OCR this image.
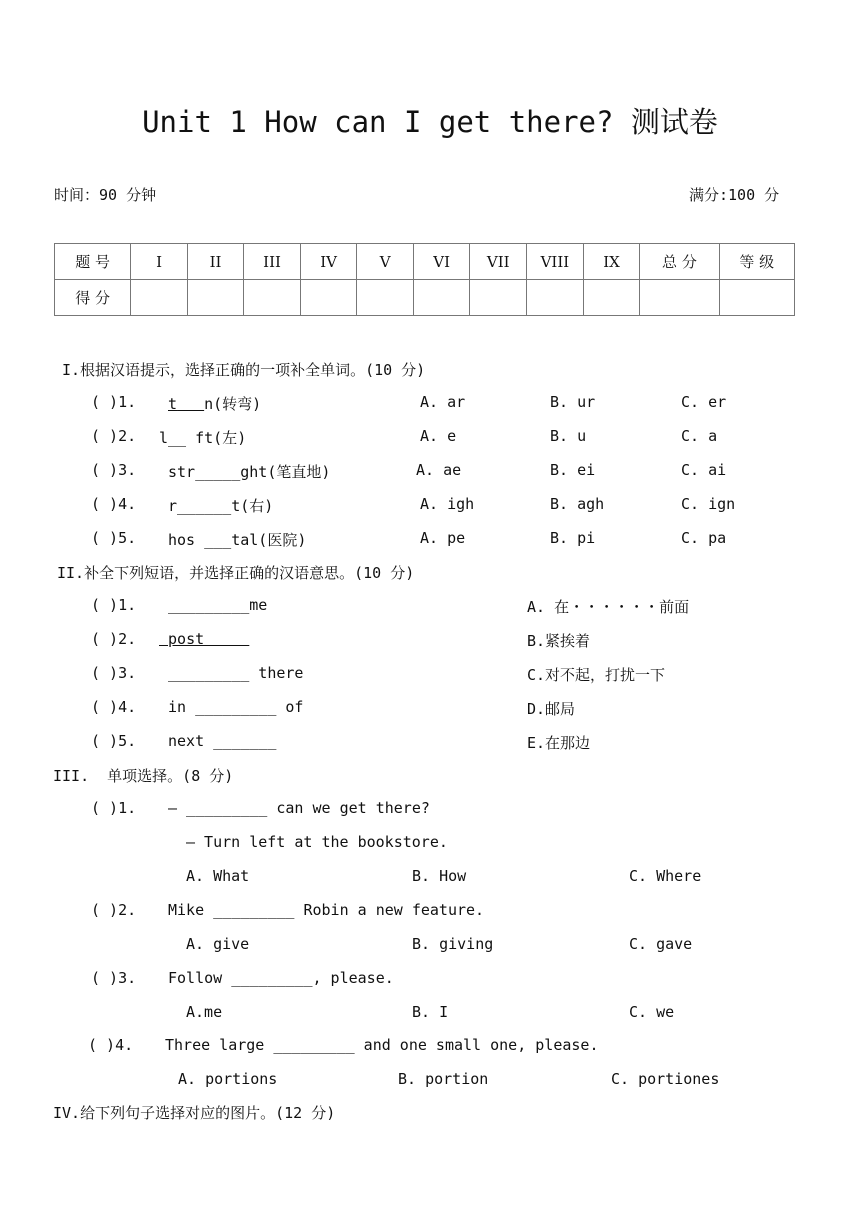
Unit 1 How can I get there? 测试卷
时间：90 分钟	满分:100 分
题 号	I	II	III	IV	V	VI	VII	VIII	IX	总 分	等 级
得 分											
I.根据汉语提示，选择正确的一项补全单词。(10 分)
( )1. t n(转弯)	A. ar	B. ur	C. er
( )2. l__ ft(左)	A. e	B. u	C. a
( )3. str_____ght(笔直地)	A. ae	B. ei	C. ai
( )4. r______t(右)	A. igh	B. agh	C. ign
( )5. hos ___tal(医院)	A. pe	B. pi	C. pa
II.补全下列短语，并选择正确的汉语意思。(10 分)
( )1. _________me	A. 在・・・・・・前面
( )2. post	B.紧挨着
( )3. _________ there	C.对不起，打扰一下
( )4. in _________ of	D.邮局
( )5. next _______	E.在那边
III.  单项选择。(8 分)
( )1. — _________ can we get there?
— Turn left at the bookstore.
A. What	B. How	C. Where
( )2. Mike _________ Robin a new feature.
A. give	B. giving	C. gave
( )3. Follow _________, please.
A.me	B. I	C. we
( )4. Three large _________ and one small one, please.
A. portions	B. portion	C. portiones
IV.给下列句子选择对应的图片。(12 分)
